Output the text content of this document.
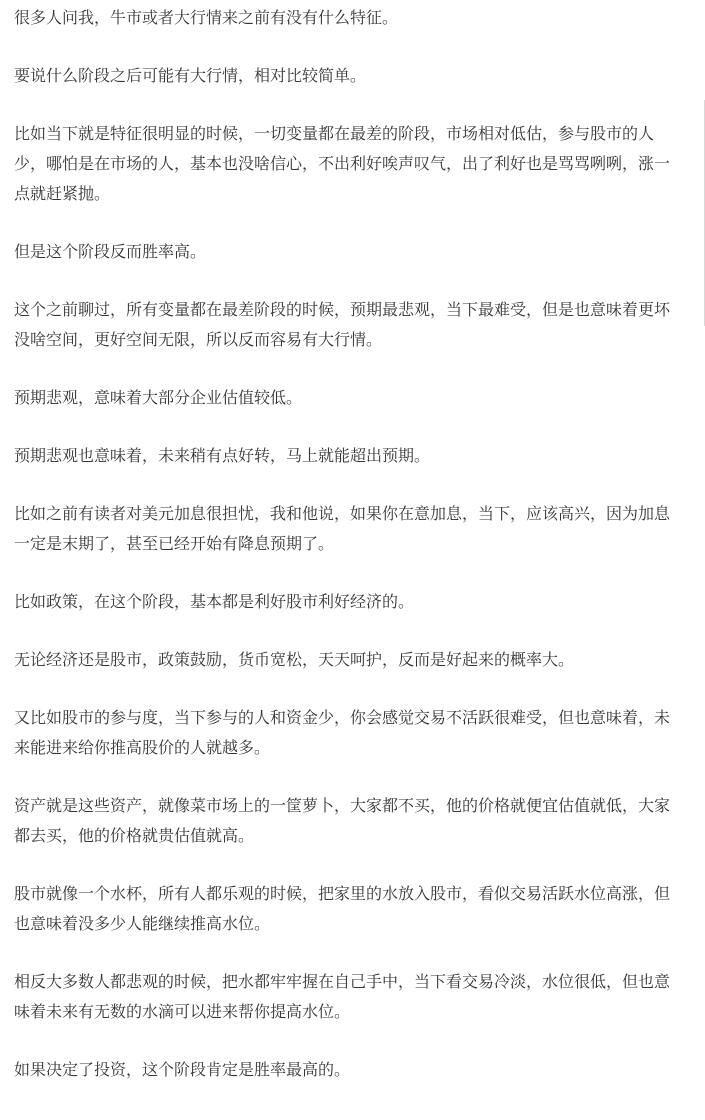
很多人问我，牛市或者大行情来之前有没有什么特征。

要说什么阶段之后可能有大行情，相对比较简单。

比如当下就是特征很明显的时候，一切变量都在最差的阶段，市场相对低估，参与股市的人少，哪怕是在市场的人，基本也没啥信心，不出利好唉声叹气，出了利好也是骂骂咧咧，涨一点就赶紧抛。

但是这个阶段反而胜率高。

这个之前聊过，所有变量都在最差阶段的时候，预期最悲观，当下最难受，但是也意味着更坏没啥空间，更好空间无限，所以反而容易有大行情。

预期悲观，意味着大部分企业估值较低。

预期悲观也意味着，未来稍有点好转，马上就能超出预期。

比如之前有读者对美元加息很担忧，我和他说，如果你在意加息，当下，应该高兴，因为加息一定是末期了，甚至已经开始有降息预期了。

比如政策，在这个阶段，基本都是利好股市利好经济的。

无论经济还是股市，政策鼓励，货币宽松，天天呵护，反而是好起来的概率大。

又比如股市的参与度，当下参与的人和资金少，你会感觉交易不活跃很难受，但也意味着，未来能进来给你推高股价的人就越多。

资产就是这些资产，就像菜市场上的一筐萝卜，大家都不买，他的价格就便宜估值就低，大家都去买，他的价格就贵估值就高。

股市就像一个水杯，所有人都乐观的时候，把家里的水放入股市，看似交易活跃水位高涨，但也意味着没多少人能继续推高水位。

相反大多数人都悲观的时候，把水都牢牢握在自己手中，当下看交易冷淡，水位很低，但也意味着未来有无数的水滴可以进来帮你提高水位。

如果决定了投资，这个阶段肯定是胜率最高的。
